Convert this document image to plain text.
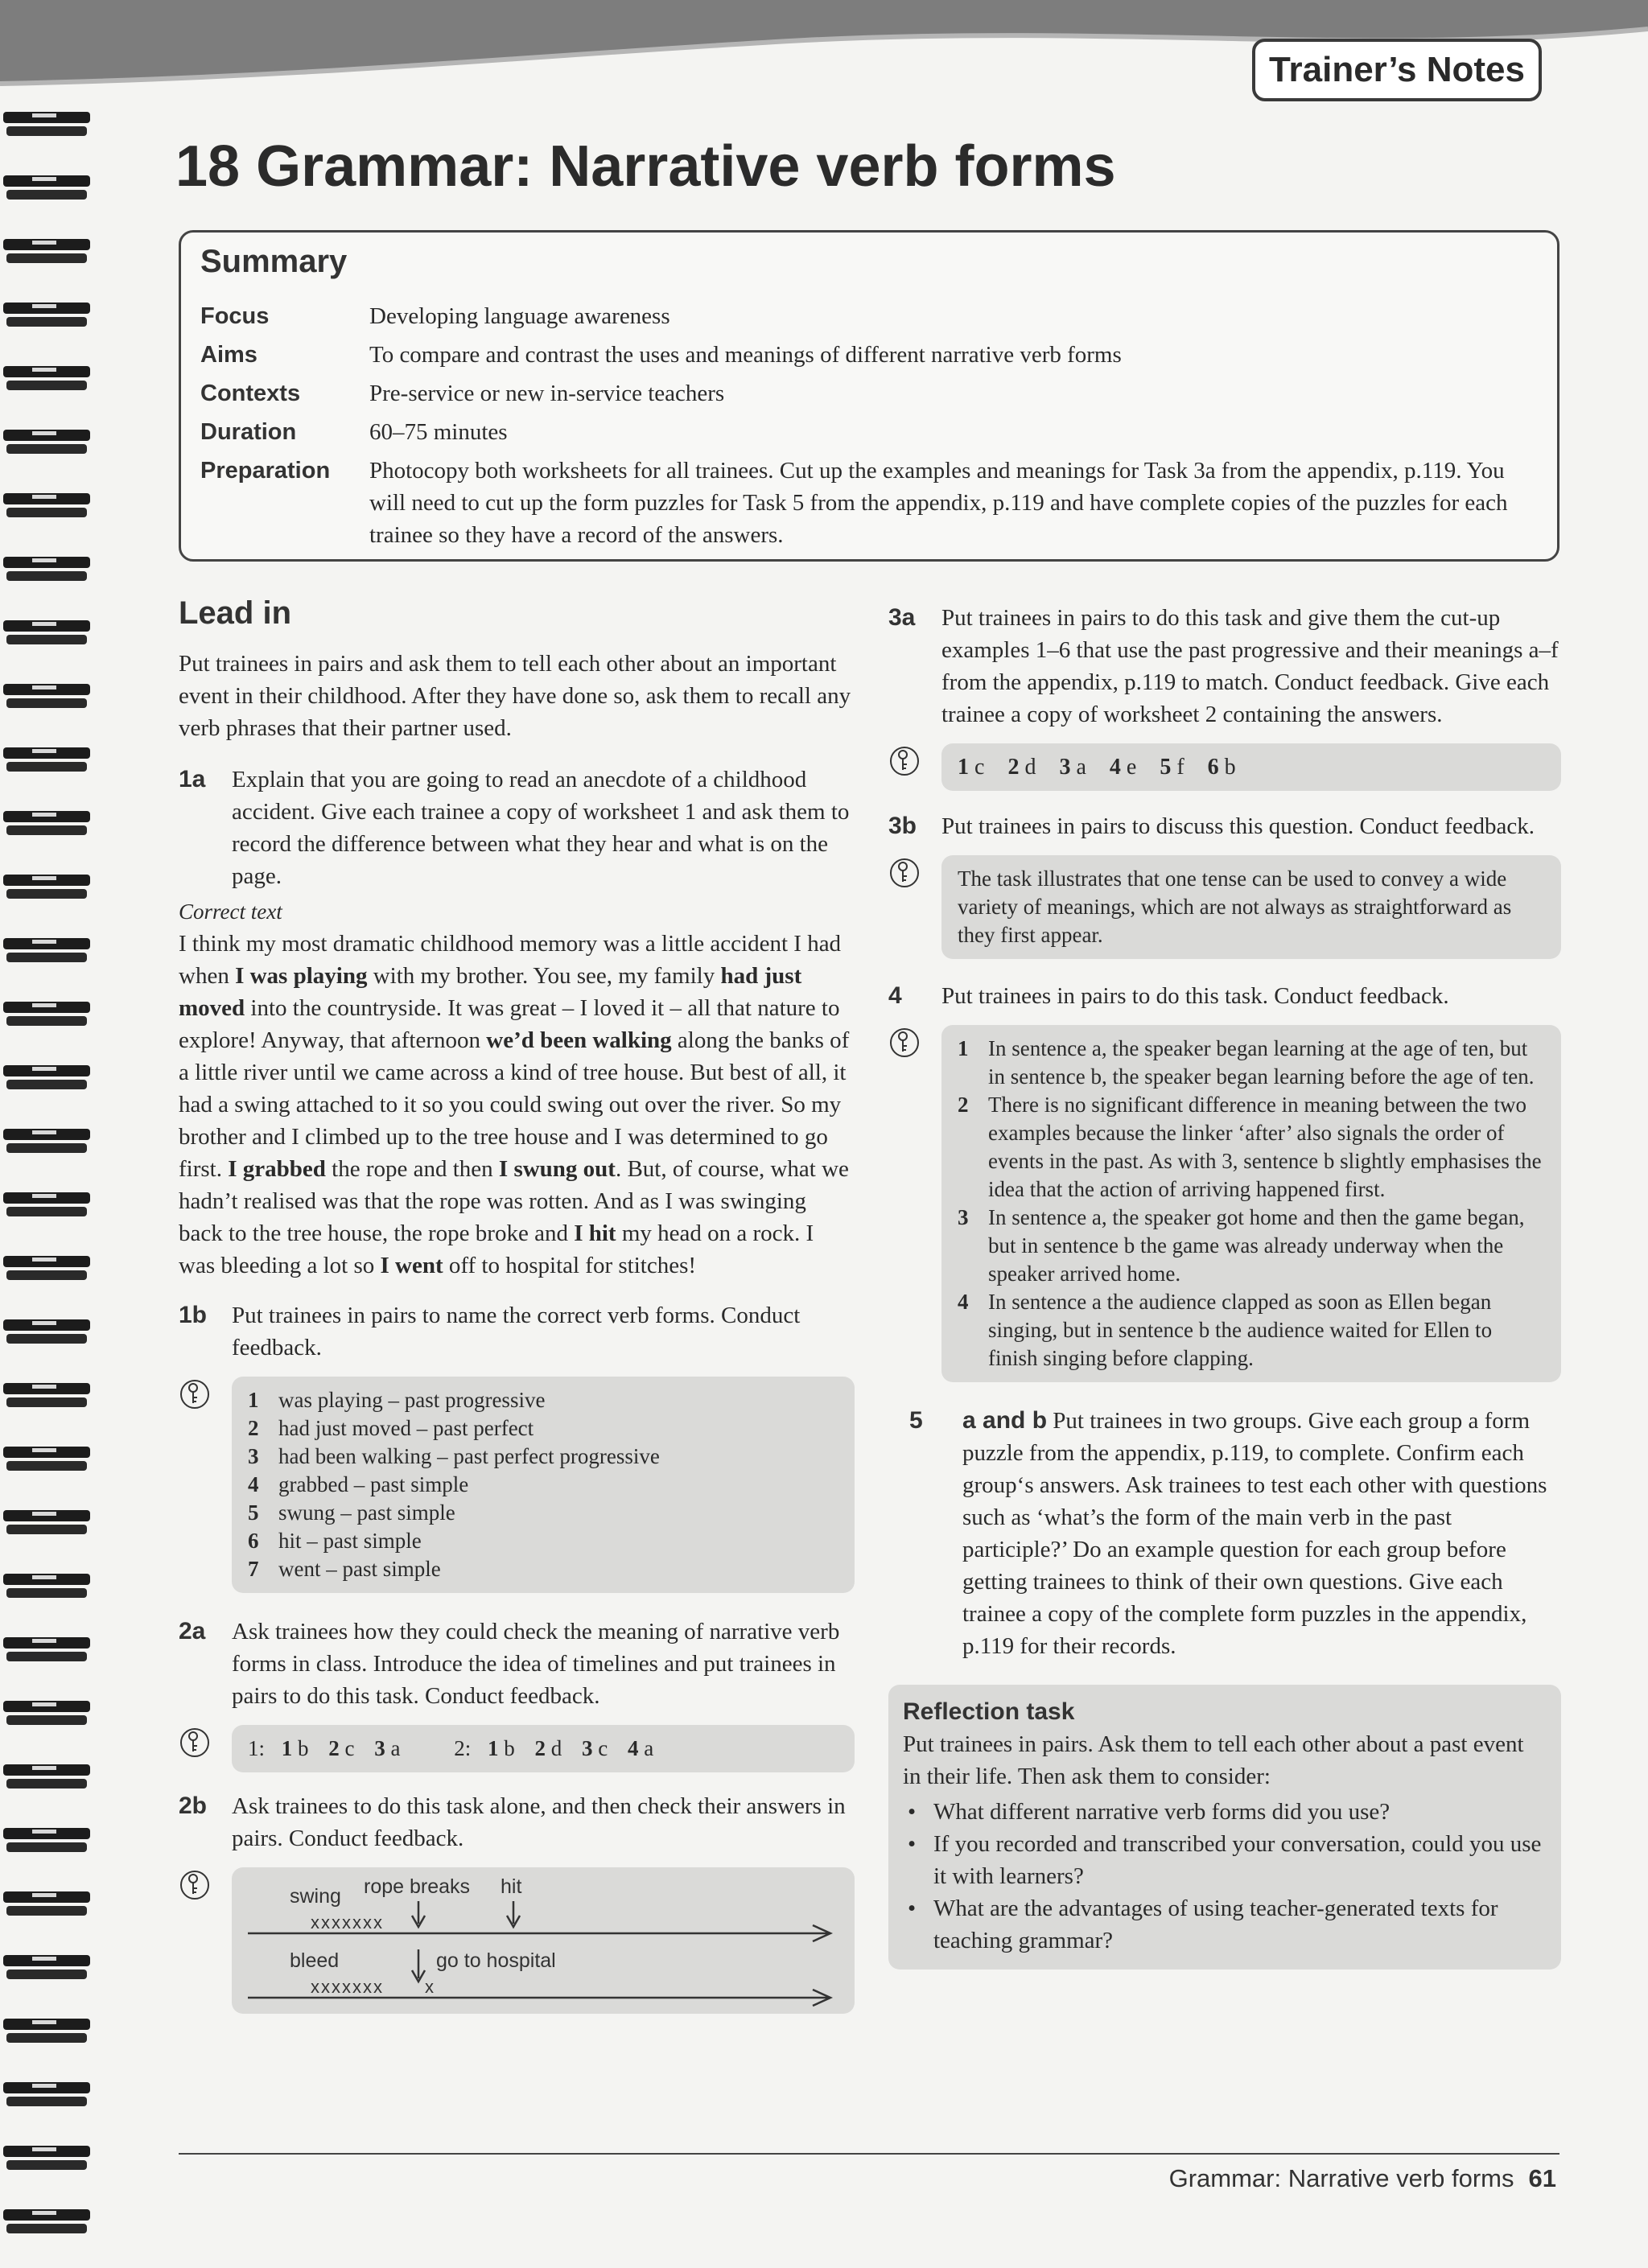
Trainer’s Notes
18 Grammar: Narrative verb forms
Summary
Focus	Developing language awareness
Aims	To compare and contrast the uses and meanings of different narrative verb forms
Contexts	Pre-service or new in-service teachers
Duration	60–75 minutes
Preparation Photocopy both worksheets for all trainees. Cut up the examples and meanings for Task 3a from the appendix, p.119. You will need to cut up the form puzzles for Task 5 from the appendix, p.119 and have complete copies of the puzzles for each trainee so they have a record of the answers.
Lead in

Put trainees in pairs and ask them to tell each other about an important event in their childhood. After they have done so, ask them to recall any verb phrases that their partner used.

1a Explain that you are going to read an anecdote of a childhood accident. Give each trainee a copy of worksheet 1 and ask them to record the difference between what they hear and what is on the page.

Correct text

I think my most dramatic childhood memory was a little accident I had when I was playing with my brother. You see, my family had just moved into the countryside. It was great – I loved it – all that nature to explore! Anyway, that afternoon we’d been walking along the banks of a little river until we came across a kind of tree house. But best of all, it had a swing attached to it so you could swing out over the river. So my brother and I climbed up to the tree house and I was determined to go first. I grabbed the rope and then I swung out. But, of course, what we hadn’t realised was that the rope was rotten. And as I was swinging back to the tree house, the rope broke and I hit my head on a rock. I was bleeding a lot so I went off to hospital for stitches!

1b Put trainees in pairs to name the correct verb forms. Conduct feedback.
1 was playing – past progressive
2 had just moved – past perfect
3 had been walking – past perfect progressive
4 grabbed – past simple
5 swung – past simple
6 hit – past simple
7 went – past simple
2a Ask trainees how they could check the meaning of narrative verb forms in class. Introduce the idea of timelines and put trainees in pairs to do this task. Conduct feedback.
1: 1 b 2 c 3 a 2: 1 b 2 d 3 c 4 a
2b Ask trainees to do this task alone, and then check their answers in pairs. Conduct feedback.
swing rope breaks hit
xxxxxxx
bleed	go to hospital
xxxxxxx x
3a Put trainees in pairs to do this task and give them the cut-up examples 1–6 that use the past progressive and their meanings a–f from the appendix, p.119 to match. Conduct feedback. Give each trainee a copy of worksheet 2 containing the answers.
1 c 2 d 3 a 4 e 5 f 6 b
3b Put trainees in pairs to discuss this question. Conduct feedback.
The task illustrates that one tense can be used to convey a wide variety of meanings, which are not always as straightforward as they first appear.
4 Put trainees in pairs to do this task. Conduct feedback.
1 In sentence a, the speaker began learning at the age of ten, but in sentence b, the speaker began learning before the age of ten.
2 There is no significant difference in meaning between the two examples because the linker ‘after’ also signals the order of events in the past. As with 3, sentence b slightly emphasises the idea that the action of arriving happened first.
3 In sentence a, the speaker got home and then the game began, but in sentence b the game was already underway when the speaker arrived home.
4 In sentence a the audience clapped as soon as Ellen began singing, but in sentence b the audience waited for Ellen to finish singing before clapping.
5 a and b Put trainees in two groups. Give each group a form puzzle from the appendix, p.119, to complete. Confirm each group‘s answers. Ask trainees to test each other with questions such as ‘what’s the form of the main verb in the past participle?’ Do an example question for each group before getting trainees to think of their own questions. Give each trainee a copy of the complete form puzzles in the appendix, p.119 for their records.
Reflection task

Put trainees in pairs. Ask them to tell each other about a past event in their life. Then ask them to consider:

• What different narrative verb forms did you use?
• If you recorded and transcribed your conversation, could you use it with learners?
• What are the advantages of using teacher-generated texts for teaching grammar?
Grammar: Narrative verb forms 61
